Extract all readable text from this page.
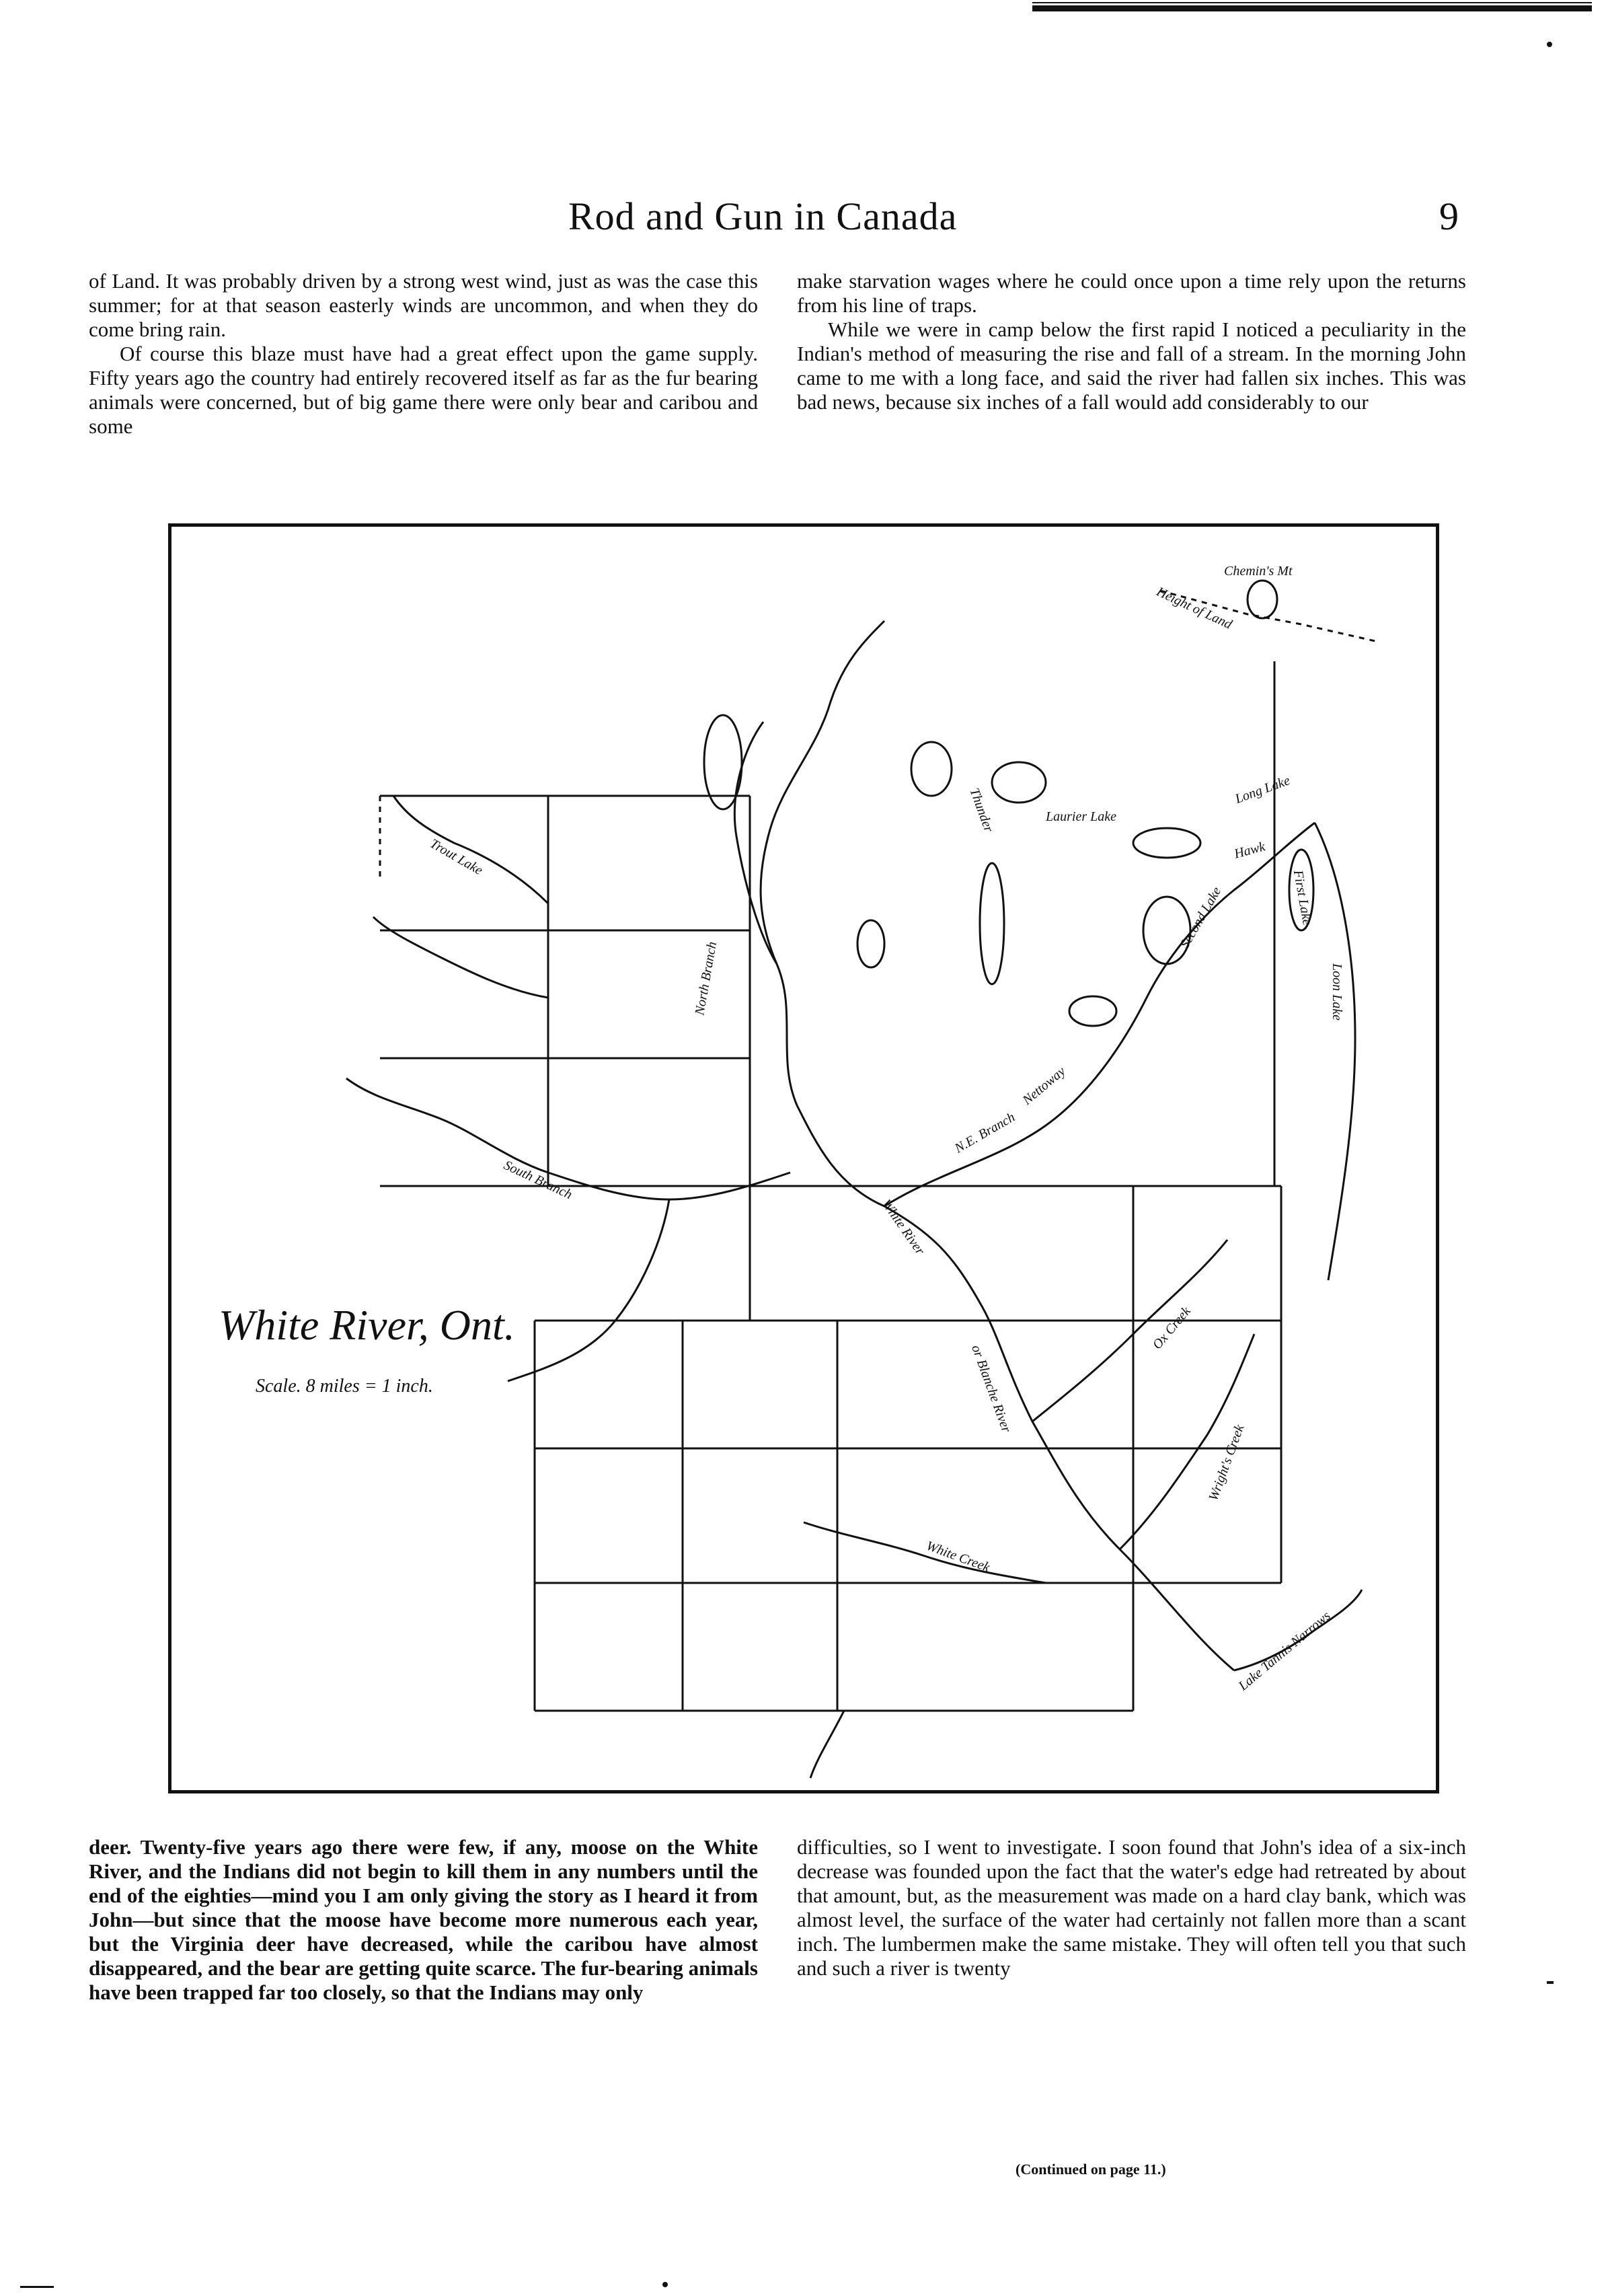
Rod and Gun in Canada	9

of Land. It was probably driven by a strong west wind, just as was the case this summer; for at that season easterly winds are uncommon, and when they do come bring rain.

Of course this blaze must have had a great effect upon the game supply. Fifty years ago the country had entirely recovered itself as far as the fur bearing animals were concerned, but of big game there were only bear and caribou and some

make starvation wages where he could once upon a time rely upon the returns from his line of traps.

While we were in camp below the first rapid I noticed a peculiarity in the Indian's method of measuring the rise and fall of a stream. In the morning John came to me with a long face, and said the river had fallen six inches. This was bad news, because six inches of a fall would add considerably to our

White River, Ont.
Scale. 8 miles = 1 inch.
Chemin's Mt
Height of Land
Trout Lake
North Branch
South Branch
White River
or Blanche River
White Creek
Long Lake
Loon Lake
Hawk
First Lake
Second Lake
Lake Tannis Narrows
Nettoway
Ox Creek
Wright's Creek
Laurier Lake
Thunder
N.E. Branch

deer. Twenty-five years ago there were few, if any, moose on the White River, and the Indians did not begin to kill them in any numbers until the end of the eighties—mind you I am only giving the story as I heard it from John—but since that the moose have become more numerous each year, but the Virginia deer have decreased, while the caribou have almost disappeared, and the bear are getting quite scarce. The fur-bearing animals have been trapped far too closely, so that the Indians may only

difficulties, so I went to investigate. I soon found that John's idea of a six-inch decrease was founded upon the fact that the water's edge had retreated by about that amount, but, as the measurement was made on a hard clay bank, which was almost level, the surface of the water had certainly not fallen more than a scant inch. The lumbermen make the same mistake. They will often tell you that such and such a river is twenty

(Continued on page 11.)
